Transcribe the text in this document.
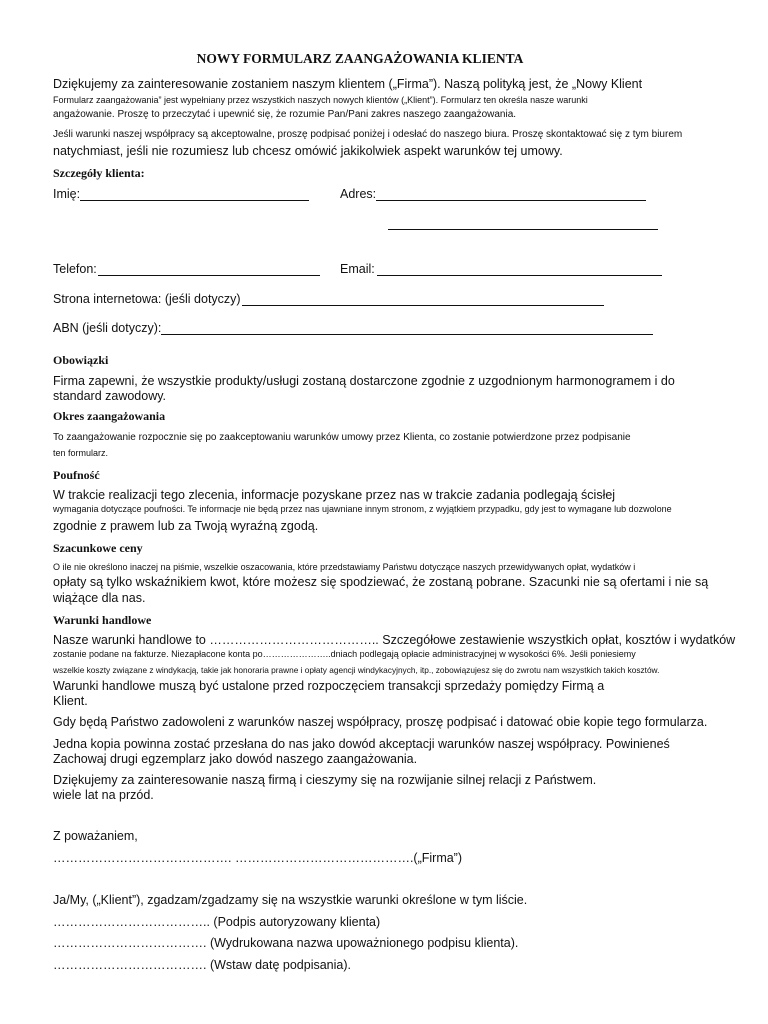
NOWY FORMULARZ ZAANGAŻOWANIA KLIENTA
Dziękujemy za zainteresowanie zostaniem naszym klientem („Firma”). Naszą polityką jest, że „Nowy Klient
Formularz zaangażowania” jest wypełniany przez wszystkich naszych nowych klientów („Klient”). Formularz ten określa nasze warunki
angażowanie. Proszę to przeczytać i upewnić się, że rozumie Pan/Pani zakres naszego zaangażowania.
Jeśli warunki naszej współpracy są akceptowalne, proszę podpisać poniżej i odesłać do naszego biura. Proszę skontaktować się z tym biurem
natychmiast, jeśli nie rozumiesz lub chcesz omówić jakikolwiek aspekt warunków tej umowy.
Szczegóły klienta:
Imię:	Adres:
Telefon:	Email:
Strona internetowa: (jeśli dotyczy)
ABN (jeśli dotyczy):
Obowiązki
Firma zapewni, że wszystkie produkty/usługi zostaną dostarczone zgodnie z uzgodnionym harmonogramem i do
standard zawodowy.
Okres zaangażowania
To zaangażowanie rozpocznie się po zaakceptowaniu warunków umowy przez Klienta, co zostanie potwierdzone przez podpisanie
ten formularz.
Poufność
W trakcie realizacji tego zlecenia, informacje pozyskane przez nas w trakcie zadania podlegają ścisłej
wymagania dotyczące poufności. Te informacje nie będą przez nas ujawniane innym stronom, z wyjątkiem przypadku, gdy jest to wymagane lub dozwolone
zgodnie z prawem lub za Twoją wyraźną zgodą.
Szacunkowe ceny
O ile nie określono inaczej na piśmie, wszelkie oszacowania, które przedstawiamy Państwu dotyczące naszych przewidywanych opłat, wydatków i
opłaty są tylko wskaźnikiem kwot, które możesz się spodziewać, że zostaną pobrane. Szacunki nie są ofertami i nie są
wiążące dla nas.
Warunki handlowe
Nasze warunki handlowe to ………………………………….. Szczegółowe zestawienie wszystkich opłat, kosztów i wydatków
zostanie podane na fakturze. Niezapłacone konta po…………………..dniach podlegają opłacie administracyjnej w wysokości 6%. Jeśli poniesiemy
wszelkie koszty związane z windykacją, takie jak honoraria prawne i opłaty agencji windykacyjnych, itp., zobowiązujesz się do zwrotu nam wszystkich takich kosztów.
Warunki handlowe muszą być ustalone przed rozpoczęciem transakcji sprzedaży pomiędzy Firmą a
Klient.
Gdy będą Państwo zadowoleni z warunków naszej współpracy, proszę podpisać i datować obie kopie tego formularza.
Jedna kopia powinna zostać przesłana do nas jako dowód akceptacji warunków naszej współpracy. Powinieneś
Zachowaj drugi egzemplarz jako dowód naszego zaangażowania.
Dziękujemy za zainteresowanie naszą firmą i cieszymy się na rozwijanie silnej relacji z Państwem.
wiele lat na przód.
Z poważaniem,
……………………………………. …………………………………….(„Firma”)
Ja/My, („Klient”), zgadzam/zgadzamy się na wszystkie warunki określone w tym liście.
……………………………….. (Podpis autoryzowany klienta)
………………………………. (Wydrukowana nazwa upoważnionego podpisu klienta).
………………………………. (Wstaw datę podpisania).
